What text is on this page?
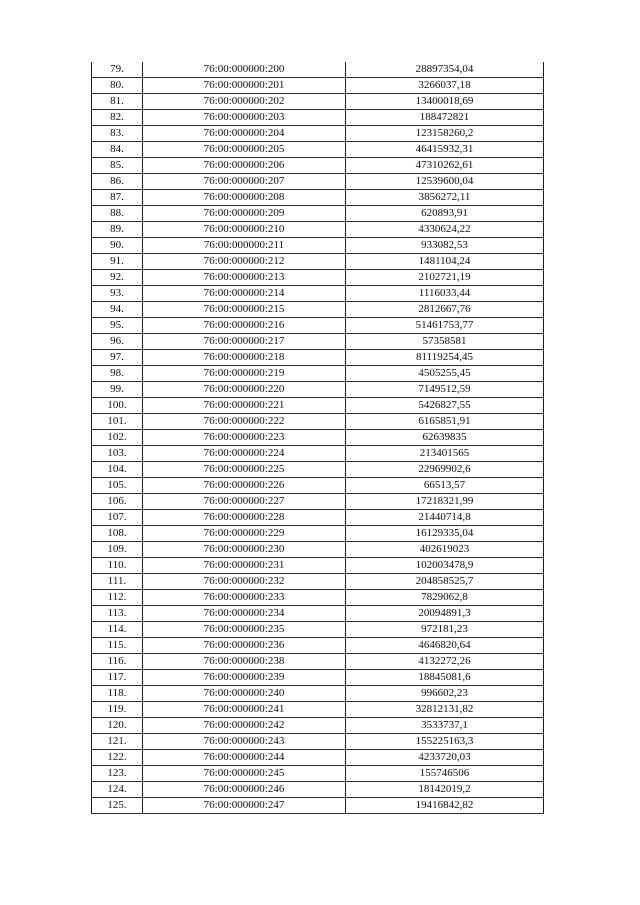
79.	76:00:000000:200	28897354,04
80.	76:00:000000:201	3266037,18
81.	76:00:000000:202	13400018,69
82.	76:00:000000:203	188472821
83.	76:00:000000:204	123158260,2
84.	76:00:000000:205	46415932,31
85.	76:00:000000:206	47310262,61
86.	76:00:000000:207	12539600,04
87.	76:00:000000:208	3856272,11
88.	76:00:000000:209	620893,91
89.	76:00:000000:210	4330624,22
90.	76:00:000000:211	933082,53
91.	76:00:000000:212	1481104,24
92.	76:00:000000:213	2102721,19
93.	76:00:000000:214	1116033,44
94.	76:00:000000:215	2812667,76
95.	76:00:000000:216	51461753,77
96.	76:00:000000:217	57358581
97.	76:00:000000:218	81119254,45
98.	76:00:000000:219	4505255,45
99.	76:00:000000:220	7149512,59
100.	76:00:000000:221	5426827,55
101.	76:00:000000:222	6165851,91
102.	76:00:000000:223	62639835
103.	76:00:000000:224	213401565
104.	76:00:000000:225	22969902,6
105.	76:00:000000:226	66513,57
106.	76:00:000000:227	17218321,99
107.	76:00:000000:228	21440714,8
108.	76:00:000000:229	16129335,04
109.	76:00:000000:230	402619023
110.	76:00:000000:231	102003478,9
111.	76:00:000000:232	204858525,7
112.	76:00:000000:233	7829062,8
113.	76:00:000000:234	20094891,3
114.	76:00:000000:235	972181,23
115.	76:00:000000:236	4646820,64
116.	76:00:000000:238	4132272,26
117.	76:00:000000:239	18845081,6
118.	76:00:000000:240	996602,23
119.	76:00:000000:241	32812131,82
120.	76:00:000000:242	3533737,1
121.	76:00:000000:243	155225163,3
122.	76:00:000000:244	4233720,03
123.	76:00:000000:245	155746506
124.	76:00:000000:246	18142019,2
125.	76:00:000000:247	19416842,82
